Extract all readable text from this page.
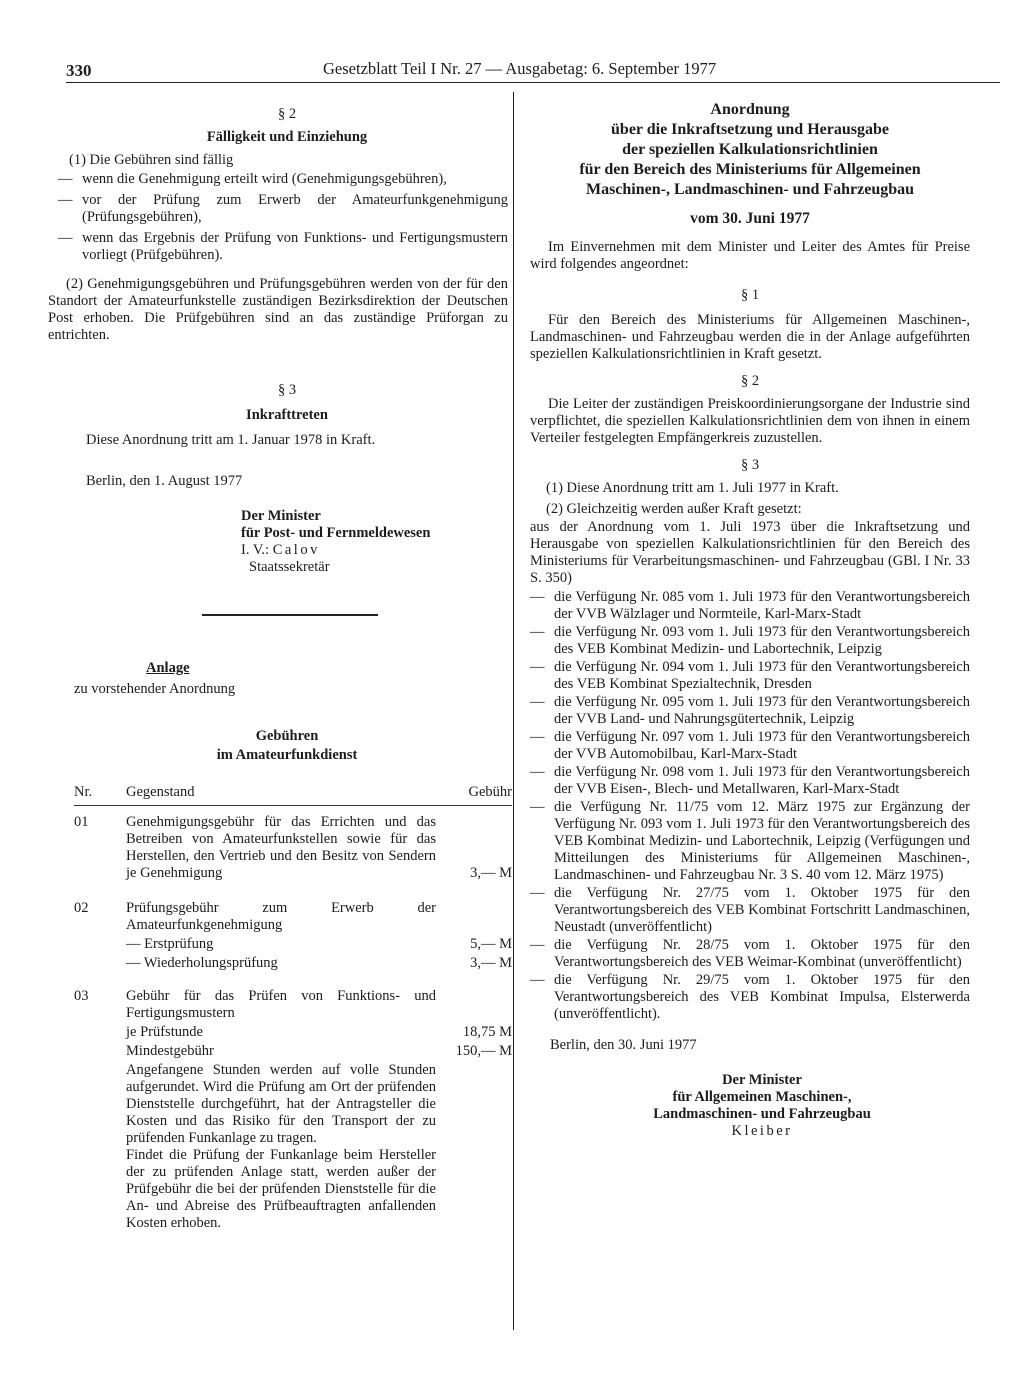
330	Gesetzblatt Teil I Nr. 27 — Ausgabetag: 6. September 1977

§ 2

Fälligkeit und Einziehung

(1) Die Gebühren sind fällig

— wenn die Genehmigung erteilt wird (Genehmigungsgebühren),

— vor der Prüfung zum Erwerb der Amateurfunkgenehmigung (Prüfungsgebühren),

— wenn das Ergebnis der Prüfung von Funktions- und Fertigungsmustern vorliegt (Prüfgebühren).

(2) Genehmigungsgebühren und Prüfungsgebühren werden von der für den Standort der Amateurfunkstelle zuständigen Bezirksdirektion der Deutschen Post erhoben. Die Prüfgebühren sind an das zuständige Prüforgan zu entrichten.

§ 3

Inkrafttreten

Diese Anordnung tritt am 1. Januar 1978 in Kraft.

Berlin, den 1. August 1977

Der Minister

für Post- und Fernmeldewesen

I. V.: Calov

Staatssekretär

Anlage

zu vorstehender Anordnung

Gebühren

im Amateurfunkdienst

Nr.	Gegenstand	Gebühr
01	Genehmigungsgebühr für das Errichten und das Betreiben von Amateurfunkstellen sowie für das Herstellen, den Vertrieb und den Besitz von Sendern je Genehmigung	3,— M

02	Prüfungsgebühr zum Erwerb der Amateurfunkgenehmigung	
	— Erstprüfung	5,— M
	— Wiederholungsprüfung	3,— M

03	Gebühr für das Prüfen von Funktions- und Fertigungsmustern	
	je Prüfstunde	18,75 M
	Mindestgebühr	150,— M
	Angefangene Stunden werden auf volle Stunden aufgerundet. Wird die Prüfung am Ort der prüfenden Dienststelle durchgeführt, hat der Antragsteller die Kosten und das Risiko für den Transport der zu prüfenden Funkanlage zu tragen.	
	Findet die Prüfung der Funkanlage beim Hersteller der zu prüfenden Anlage statt, werden außer der Prüfgebühr die bei der prüfenden Dienststelle für die An- und Abreise des Prüfbeauftragten anfallenden Kosten erhoben.	

Anordnung

über die Inkraftsetzung und Herausgabe

der speziellen Kalkulationsrichtlinien

für den Bereich des Ministeriums für Allgemeinen

Maschinen-, Landmaschinen- und Fahrzeugbau

vom 30. Juni 1977

Im Einvernehmen mit dem Minister und Leiter des Amtes für Preise wird folgendes angeordnet:

§ 1

Für den Bereich des Ministeriums für Allgemeinen Maschinen-, Landmaschinen- und Fahrzeugbau werden die in der Anlage aufgeführten speziellen Kalkulationsrichtlinien in Kraft gesetzt.

§ 2

Die Leiter der zuständigen Preiskoordinierungsorgane der Industrie sind verpflichtet, die speziellen Kalkulationsrichtlinien dem von ihnen in einem Verteiler festgelegten Empfängerkreis zuzustellen.

§ 3

(1) Diese Anordnung tritt am 1. Juli 1977 in Kraft.

(2) Gleichzeitig werden außer Kraft gesetzt:

aus der Anordnung vom 1. Juli 1973 über die Inkraftsetzung und Herausgabe von speziellen Kalkulationsrichtlinien für den Bereich des Ministeriums für Verarbeitungsmaschinen- und Fahrzeugbau (GBl. I Nr. 33 S. 350)

— die Verfügung Nr. 085 vom 1. Juli 1973 für den Verantwortungsbereich der VVB Wälzlager und Normteile, Karl-Marx-Stadt

— die Verfügung Nr. 093 vom 1. Juli 1973 für den Verantwortungsbereich des VEB Kombinat Medizin- und Labortechnik, Leipzig

— die Verfügung Nr. 094 vom 1. Juli 1973 für den Verantwortungsbereich des VEB Kombinat Spezialtechnik, Dresden

— die Verfügung Nr. 095 vom 1. Juli 1973 für den Verantwortungsbereich der VVB Land- und Nahrungsgütertechnik, Leipzig

— die Verfügung Nr. 097 vom 1. Juli 1973 für den Verantwortungsbereich der VVB Automobilbau, Karl-Marx-Stadt

— die Verfügung Nr. 098 vom 1. Juli 1973 für den Verantwortungsbereich der VVB Eisen-, Blech- und Metallwaren, Karl-Marx-Stadt

— die Verfügung Nr. 11/75 vom 12. März 1975 zur Ergänzung der Verfügung Nr. 093 vom 1. Juli 1973 für den Verantwortungsbereich des VEB Kombinat Medizin- und Labortechnik, Leipzig (Verfügungen und Mitteilungen des Ministeriums für Allgemeinen Maschinen-, Landmaschinen- und Fahrzeugbau Nr. 3 S. 40 vom 12. März 1975)

— die Verfügung Nr. 27/75 vom 1. Oktober 1975 für den Verantwortungsbereich des VEB Kombinat Fortschritt Landmaschinen, Neustadt (unveröffentlicht)

— die Verfügung Nr. 28/75 vom 1. Oktober 1975 für den Verantwortungsbereich des VEB Weimar-Kombinat (unveröffentlicht)

— die Verfügung Nr. 29/75 vom 1. Oktober 1975 für den Verantwortungsbereich des VEB Kombinat Impulsa, Elsterwerda (unveröffentlicht).

Berlin, den 30. Juni 1977

Der Minister

für Allgemeinen Maschinen-,

Landmaschinen- und Fahrzeugbau

Kleiber
